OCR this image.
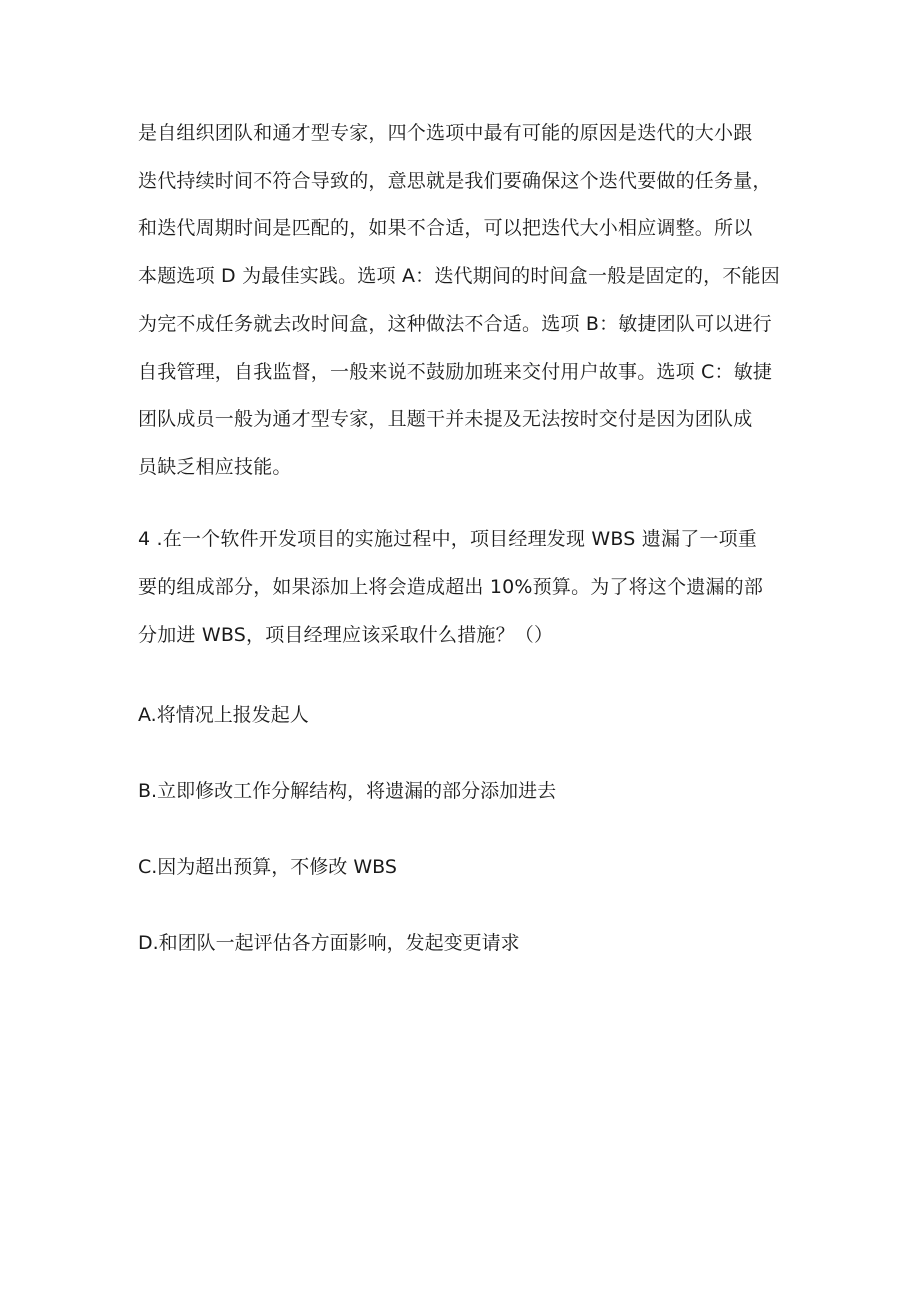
是自组织团队和通才型专家，四个选项中最有可能的原因是迭代的大小跟
迭代持续时间不符合导致的，意思就是我们要确保这个迭代要做的任务量，
和迭代周期时间是匹配的，如果不合适，可以把迭代大小相应调整。所以
本题选项 D 为最佳实践。选项 A：迭代期间的时间盒一般是固定的，不能因
为完不成任务就去改时间盒，这种做法不合适。选项 B：敏捷团队可以进行
自我管理，自我监督，一般来说不鼓励加班来交付用户故事。选项 C：敏捷
团队成员一般为通才型专家，且题干并未提及无法按时交付是因为团队成
员缺乏相应技能。
4 .在一个软件开发项目的实施过程中，项目经理发现 WBS 遗漏了一项重
要的组成部分，如果添加上将会造成超出 10%预算。为了将这个遗漏的部
分加进 WBS，项目经理应该采取什么措施？（）
A.将情况上报发起人
B.立即修改工作分解结构，将遗漏的部分添加进去
C.因为超出预算，不修改 WBS
D.和团队一起评估各方面影响，发起变更请求
